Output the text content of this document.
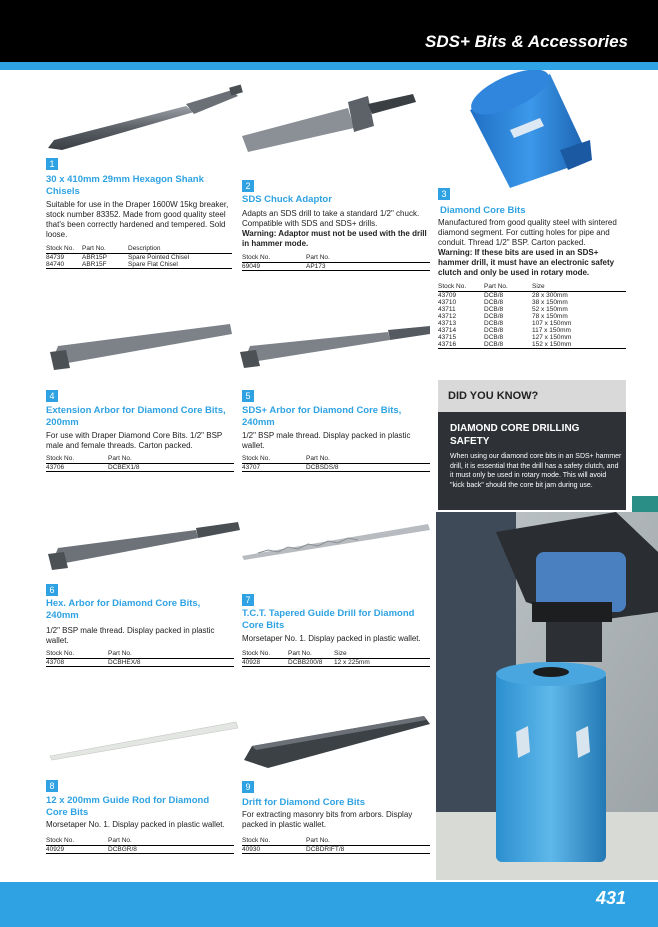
SDS+ Bits & Accessories
1
30 x 410mm 29mm Hexagon Shank Chisels
Suitable for use in the Draper 1600W 15kg breaker, stock number 83352. Made from good quality steel that's been correctly hardened and tempered. Sold loose.
Stock No.	Part No.	Description
84739	ABR15P	Spare Pointed Chisel
84740	ABR15F	Spare Flat Chisel
2
SDS Chuck Adaptor
Adapts an SDS drill to take a standard 1/2" chuck. Compatible with SDS and SDS+ drills.
Warning: Adaptor must not be used with the drill in hammer mode.
Stock No.	Part No.
69049	AP173
3
Diamond Core Bits
Manufactured from good quality steel with sintered diamond segment. For cutting holes for pipe and conduit. Thread 1/2" BSP. Carton packed.
Warning: If these bits are used in an SDS+ hammer drill, it must have an electronic safety clutch and only be used in rotary mode.
Stock No.	Part No.	Size
43709	DCB/8	28 x 300mm
43710	DCB/8	38 x 150mm
43711	DCB/8	52 x 150mm
43712	DCB/8	78 x 150mm
43713	DCB/8	107 x 150mm
43714	DCB/8	117 x 150mm
43715	DCB/8	127 x 150mm
43716	DCB/8	152 x 150mm
4
Extension Arbor for Diamond Core Bits, 200mm
For use with Draper Diamond Core Bits. 1/2" BSP male and female threads. Carton packed.
Stock No.	Part No.
43706	DCBEX1/8
5
SDS+ Arbor for Diamond Core Bits, 240mm
1/2" BSP male thread. Display packed in plastic wallet.
Stock No.	Part No.
43707	DCBSDS/8
6
Hex. Arbor for Diamond Core Bits, 240mm
1/2" BSP male thread. Display packed in plastic wallet.
Stock No.	Part No.
43708	DCBHEX/8
7
T.C.T. Tapered Guide Drill for Diamond Core Bits
Morsetaper No. 1. Display packed in plastic wallet.
Stock No.	Part No.	Size
40928	DCBB200/8	12 x 225mm
8
12 x 200mm Guide Rod for Diamond Core Bits
Morsetaper No. 1. Display packed in plastic wallet.
Stock No.	Part No.
40929	DCBGR/8
9
Drift for Diamond Core Bits
For extracting masonry bits from arbors. Display packed in plastic wallet.
Stock No.	Part No.
40930	DCBDRIFT/8
DID YOU KNOW?
DIAMOND CORE DRILLING SAFETY
When using our diamond core bits in an SDS+ hammer drill, it is essential that the drill has a safety clutch, and it must only be used in rotary mode. This will avoid "kick back" should the core bit jam during use.
431
